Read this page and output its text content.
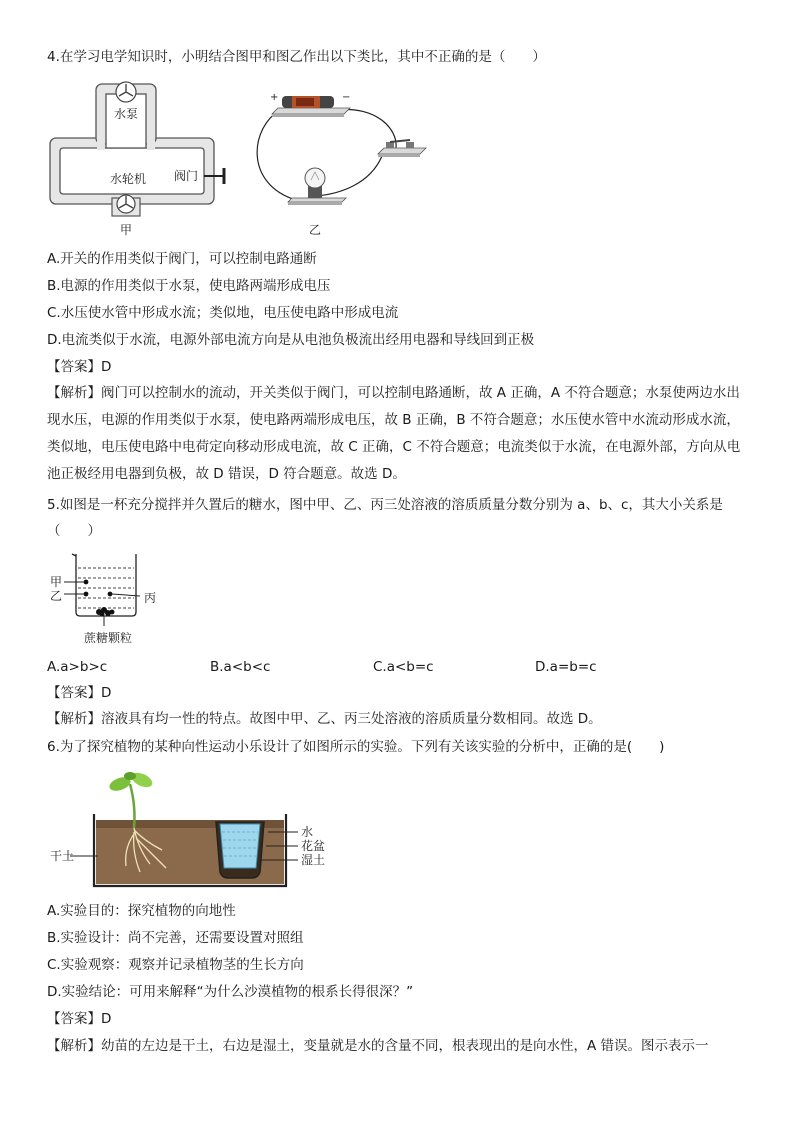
4.在学习电学知识时，小明结合图甲和图乙作出以下类比，其中不正确的是（　　）
水泵
水轮机 阀门
甲
+	−
乙
A.开关的作用类似于阀门，可以控制电路通断
B.电源的作用类似于水泵，使电路两端形成电压
C.水压使水管中形成水流；类似地，电压使电路中形成电流
D.电流类似于水流，电源外部电流方向是从电池负极流出经用电器和导线回到正极
【答案】D
【解析】阀门可以控制水的流动，开关类似于阀门，可以控制电路通断，故 A 正确，A 不符合题意；水泵使两边水出现水压，电源的作用类似于水泵，使电路两端形成电压，故 B 正确，B 不符合题意；水压使水管中水流动形成水流，类似地，电压使电路中电荷定向移动形成电流，故 C 正确，C 不符合题意；电流类似于水流，在电源外部，方向从电池正极经用电器到负极，故 D 错误，D 符合题意。故选 D。
5.如图是一杯充分搅拌并久置后的糖水，图中甲、乙、丙三处溶液的溶质质量分数分别为 a、b、c，其大小关系是
（　　）
甲
乙	丙
蔗糖颗粒
A.a>b>c	B.a<b<c	C.a<b=c	D.a=b=c
【答案】D
【解析】溶液具有均一性的特点。故图中甲、乙、丙三处溶液的溶质质量分数相同。故选 D。
6.为了探究植物的某种向性运动小乐设计了如图所示的实验。下列有关该实验的分析中，正确的是(　　)
水
花盆
湿土
干土
A.实验目的：探究植物的向地性
B.实验设计：尚不完善，还需要设置对照组
C.实验观察：观察并记录植物茎的生长方向
D.实验结论：可用来解释“为什么沙漠植物的根系长得很深？”
【答案】D
【解析】幼苗的左边是干土，右边是湿土，变量就是水的含量不同，根表现出的是向水性，A 错误。图示表示一
